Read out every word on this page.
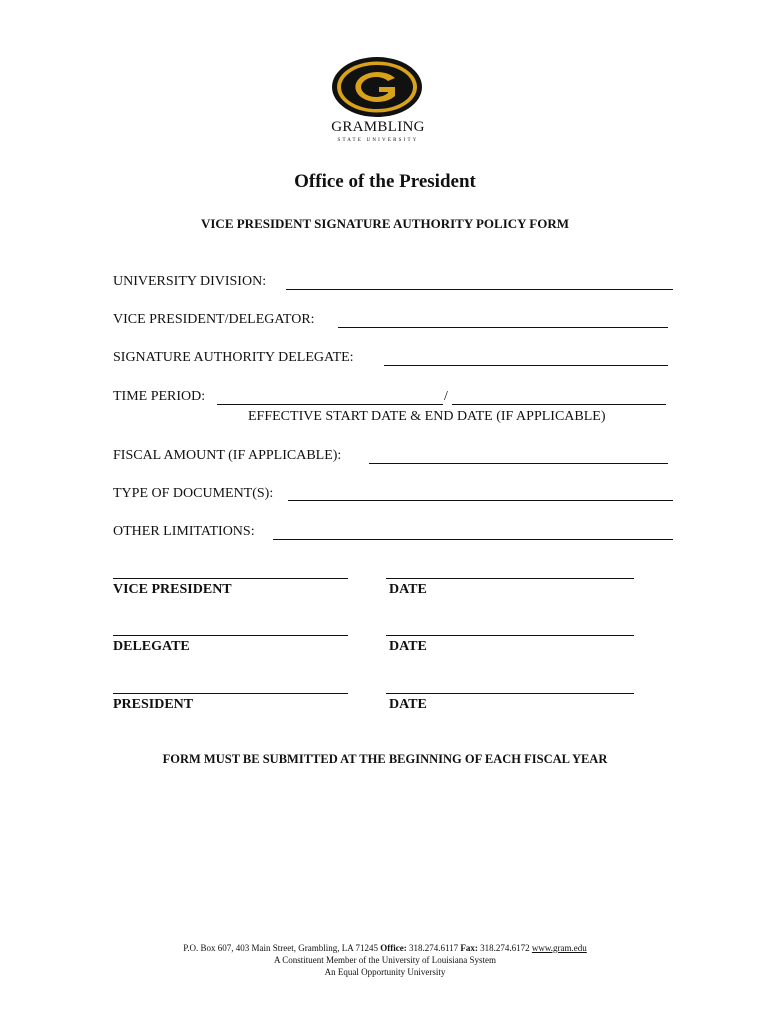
GRAMBLING
STATE UNIVERSITY
Office of the President
VICE PRESIDENT SIGNATURE AUTHORITY POLICY FORM
UNIVERSITY DIVISION:
VICE PRESIDENT/DELEGATOR:
SIGNATURE AUTHORITY DELEGATE:
TIME PERIOD:	/
EFFECTIVE START DATE & END DATE (IF APPLICABLE)
FISCAL AMOUNT (IF APPLICABLE):
TYPE OF DOCUMENT(S):
OTHER LIMITATIONS:
VICE PRESIDENT	DATE
DELEGATE	DATE
PRESIDENT	DATE
FORM MUST BE SUBMITTED AT THE BEGINNING OF EACH FISCAL YEAR
P.O. Box 607, 403 Main Street, Grambling, LA 71245 Office: 318.274.6117 Fax: 318.274.6172 www.gram.edu
A Constituent Member of the University of Louisiana System
An Equal Opportunity University
